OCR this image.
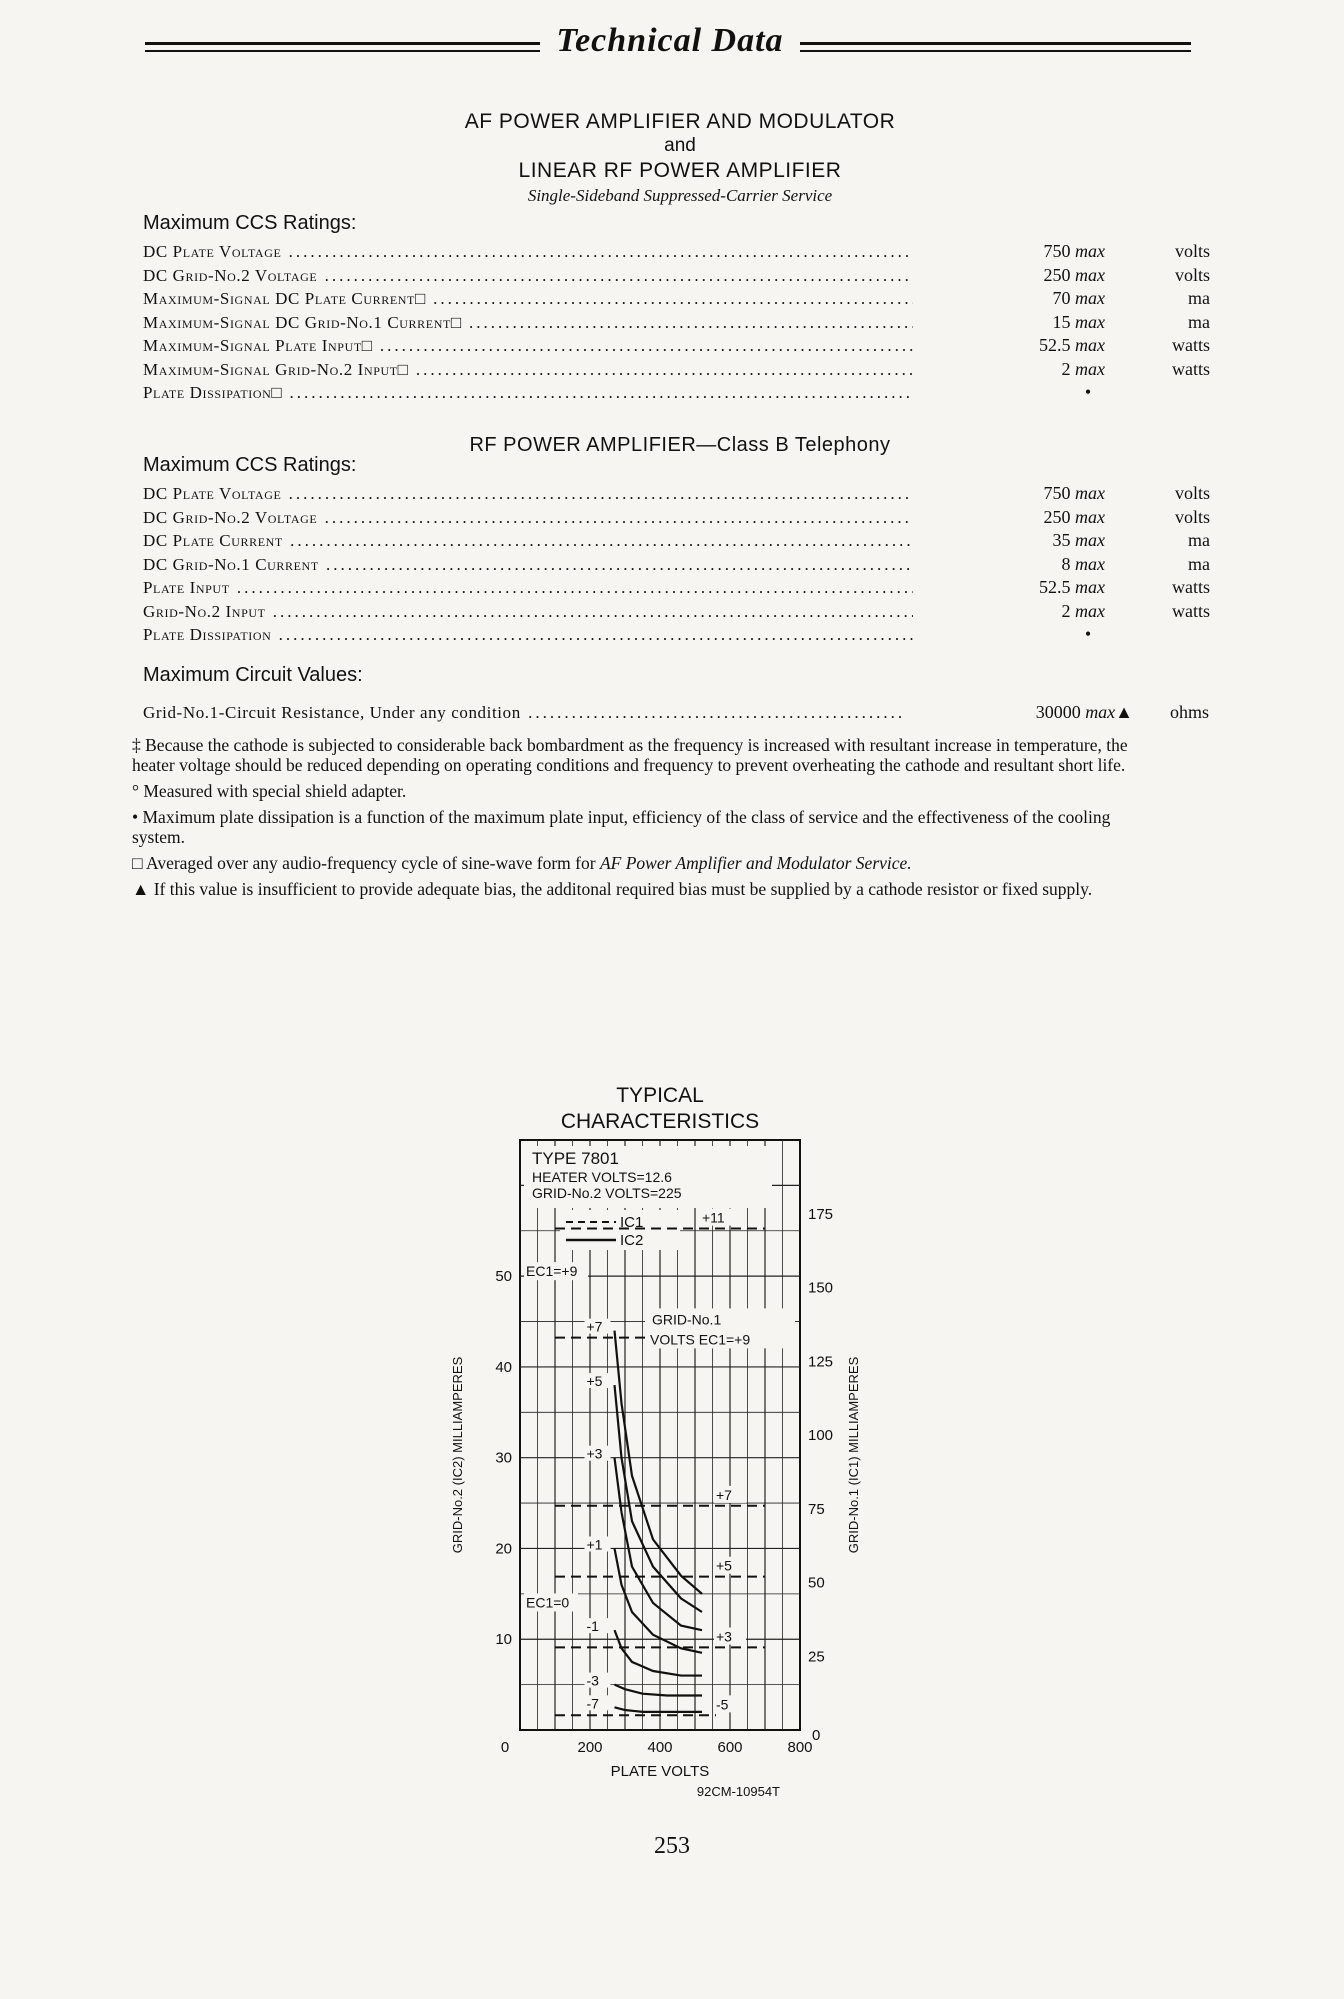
Technical Data
AF POWER AMPLIFIER AND MODULATOR
and
LINEAR RF POWER AMPLIFIER
Single-Sideband Suppressed-Carrier Service
Maximum CCS Ratings:
DC Plate Voltage .....	750 max	volts
DC Grid-No.2 Voltage .....	250 max	volts
Maximum-Signal DC Plate Current□ .....	70 max	ma
Maximum-Signal DC Grid-No.1 Current□ .....	15 max	ma
Maximum-Signal Plate Input□ .....	52.5 max	watts
Maximum-Signal Grid-No.2 Input□ .....	2 max	watts
Plate Dissipation□ .....	•
RF POWER AMPLIFIER—Class B Telephony
Maximum CCS Ratings:
DC Plate Voltage .....	750 max	volts
DC Grid-No.2 Voltage .....	250 max	volts
DC Plate Current .....	35 max	ma
DC Grid-No.1 Current .....	8 max	ma
Plate Input .....	52.5 max	watts
Grid-No.2 Input .....	2 max	watts
Plate Dissipation .....	•
Maximum Circuit Values:
Grid-No.1-Circuit Resistance, Under any condition .....	30000 max▲	ohms

‡ Because the cathode is subjected to considerable back bombardment as the frequency is increased with resultant increase in temperature, the heater voltage should be reduced depending on operating conditions and frequency to prevent overheating the cathode and resultant short life.

° Measured with special shield adapter.

• Maximum plate dissipation is a function of the maximum plate input, efficiency of the class of service and the effectiveness of the cooling system.

□ Averaged over any audio-frequency cycle of sine-wave form for AF Power Amplifier and Modulator Service.

▲ If this value is insufficient to provide adequate bias, the additonal required bias must be supplied by a cathode resistor or fixed supply.

TYPICAL
CHARACTERISTICS
TYPE 7801
HEATER VOLTS=12.6
GRID-No.2 VOLTS=225
IC1
IC2
+11
+7
+5
+3
-5
GRID-No.1
VOLTS EC1=+9
EC1=+9
EC1=0
+7
+5
+3
+1
-1
-3
-7
50
40
30
20
10
175
150
125
100
75
50
25
0	200	400	600	800
0
PLATE VOLTS
92CM-10954T
GRID-No.2 (IC2) MILLIAMPERES	GRID-No.1 (IC1) MILLIAMPERES
253
